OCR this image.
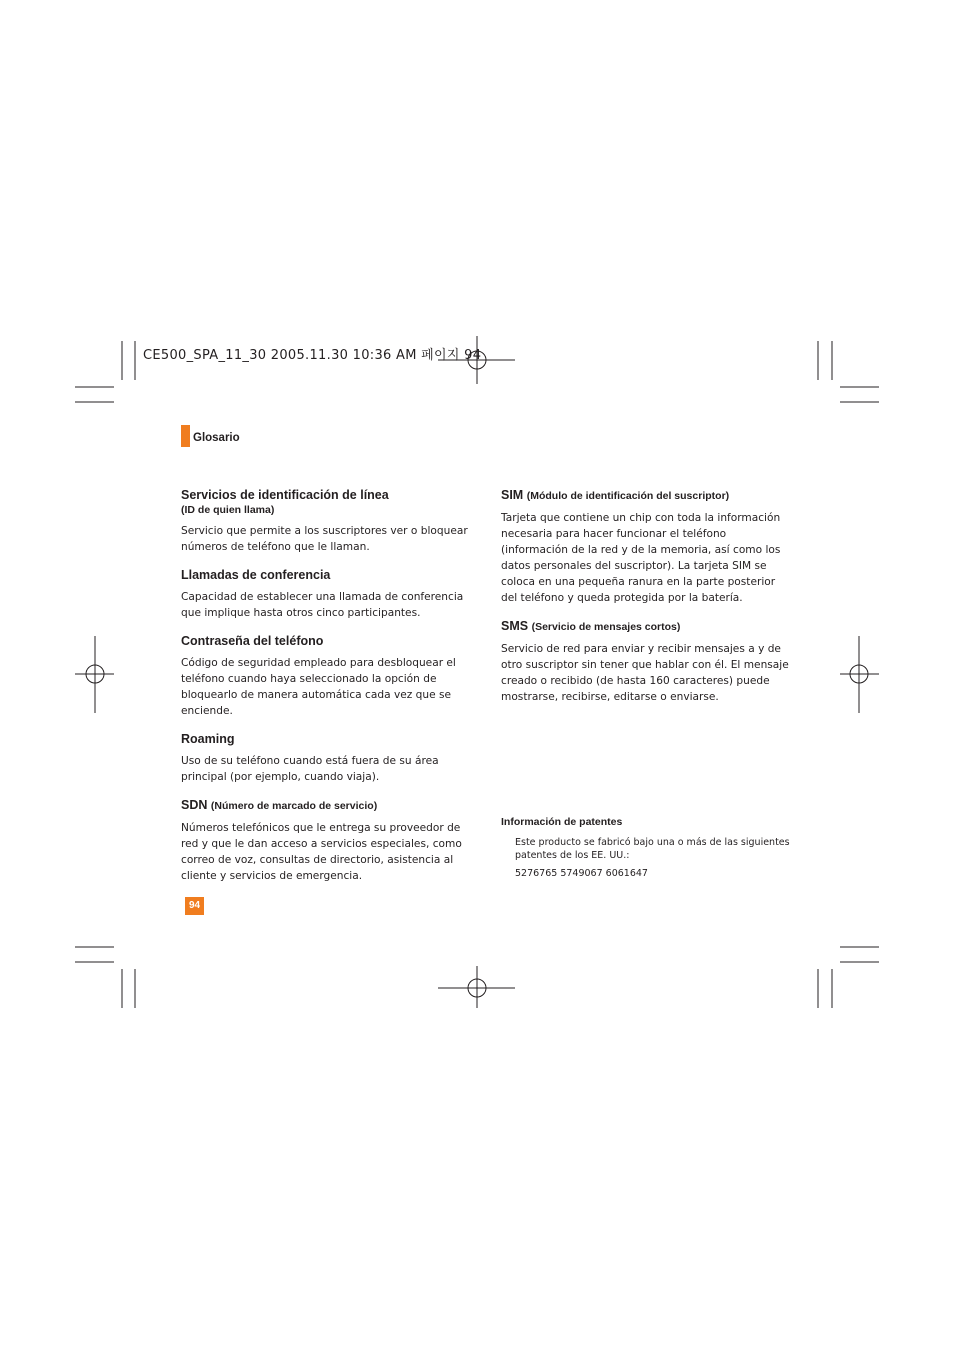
CE500_SPA_11_30 2005.11.30 10:36 AM 페이지 94
Glosario

Servicios de identificación de línea

(ID de quien llama)

Servicio que permite a los suscriptores ver o bloquear números de teléfono que le llaman.

Llamadas de conferencia

Capacidad de establecer una llamada de conferencia que implique hasta otros cinco participantes.

Contraseña del teléfono

Código de seguridad empleado para desbloquear el teléfono cuando haya seleccionado la opción de bloquearlo de manera automática cada vez que se enciende.

Roaming

Uso de su teléfono cuando está fuera de su área principal (por ejemplo, cuando viaja).

SDN (Número de marcado de servicio)

Números telefónicos que le entrega su proveedor de red y que le dan acceso a servicios especiales, como correo de voz, consultas de directorio, asistencia al cliente y servicios de emergencia.

SIM (Módulo de identificación del suscriptor)

Tarjeta que contiene un chip con toda la información necesaria para hacer funcionar el teléfono (información de la red y de la memoria, así como los datos personales del suscriptor). La tarjeta SIM se coloca en una pequeña ranura en la parte posterior del teléfono y queda protegida por la batería.

SMS (Servicio de mensajes cortos)

Servicio de red para enviar y recibir mensajes a y de otro suscriptor sin tener que hablar con él. El mensaje creado o recibido (de hasta 160 caracteres) puede mostrarse, recibirse, editarse o enviarse.

Información de patentes

Este producto se fabricó bajo una o más de las siguientes patentes de los EE. UU.:

5276765 5749067 6061647

94
